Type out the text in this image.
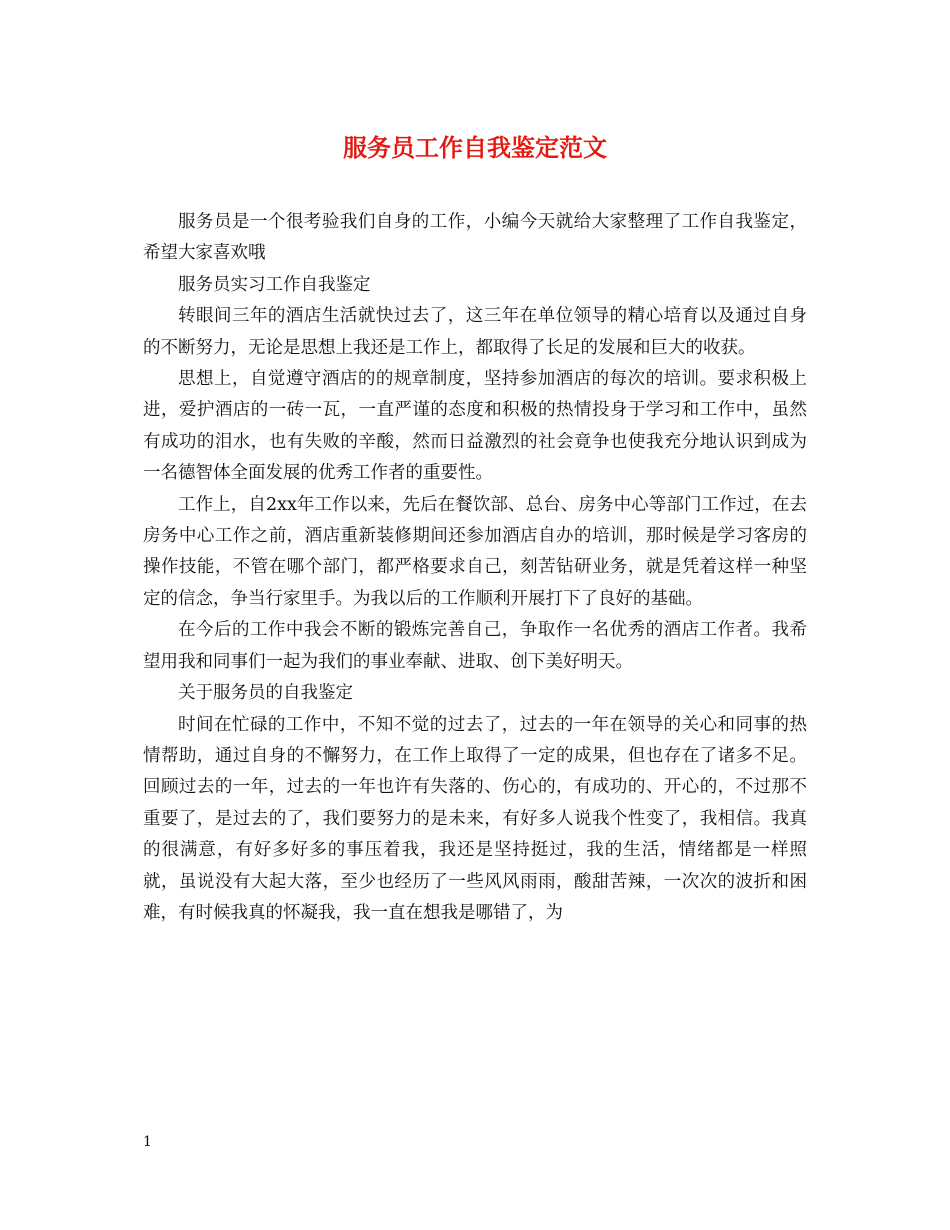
服务员工作自我鉴定范文

服务员是一个很考验我们自身的工作，小编今天就给大家整理了工作自我鉴定，希望大家喜欢哦

服务员实习工作自我鉴定

转眼间三年的酒店生活就快过去了，这三年在单位领导的精心培育以及通过自身的不断努力，无论是思想上我还是工作上，都取得了长足的发展和巨大的收获。

思想上，自觉遵守酒店的的规章制度，坚持参加酒店的每次的培训。要求积极上进，爱护酒店的一砖一瓦，一直严谨的态度和积极的热情投身于学习和工作中，虽然有成功的泪水，也有失败的辛酸，然而日益激烈的社会竟争也使我充分地认识到成为一名德智体全面发展的优秀工作者的重要性。

工作上，自2xx年工作以来，先后在餐饮部、总台、房务中心等部门工作过，在去房务中心工作之前，酒店重新装修期间还参加酒店自办的培训，那时候是学习客房的操作技能，不管在哪个部门，都严格要求自己，刻苦钻研业务，就是凭着这样一种坚定的信念，争当行家里手。为我以后的工作顺利开展打下了良好的基础。

在今后的工作中我会不断的锻炼完善自己，争取作一名优秀的酒店工作者。我希望用我和同事们一起为我们的事业奉献、进取、创下美好明天。

关于服务员的自我鉴定

时间在忙碌的工作中，不知不觉的过去了，过去的一年在领导的关心和同事的热情帮助，通过自身的不懈努力，在工作上取得了一定的成果，但也存在了诸多不足。回顾过去的一年，过去的一年也许有失落的、伤心的，有成功的、开心的，不过那不重要了，是过去的了，我们要努力的是未来，有好多人说我个性变了，我相信。我真的很满意，有好多好多的事压着我，我还是坚持挺过，我的生活，情绪都是一样照就，虽说没有大起大落，至少也经历了一些风风雨雨，酸甜苦辣，一次次的波折和困难，有时候我真的怀凝我，我一直在想我是哪错了，为

1
